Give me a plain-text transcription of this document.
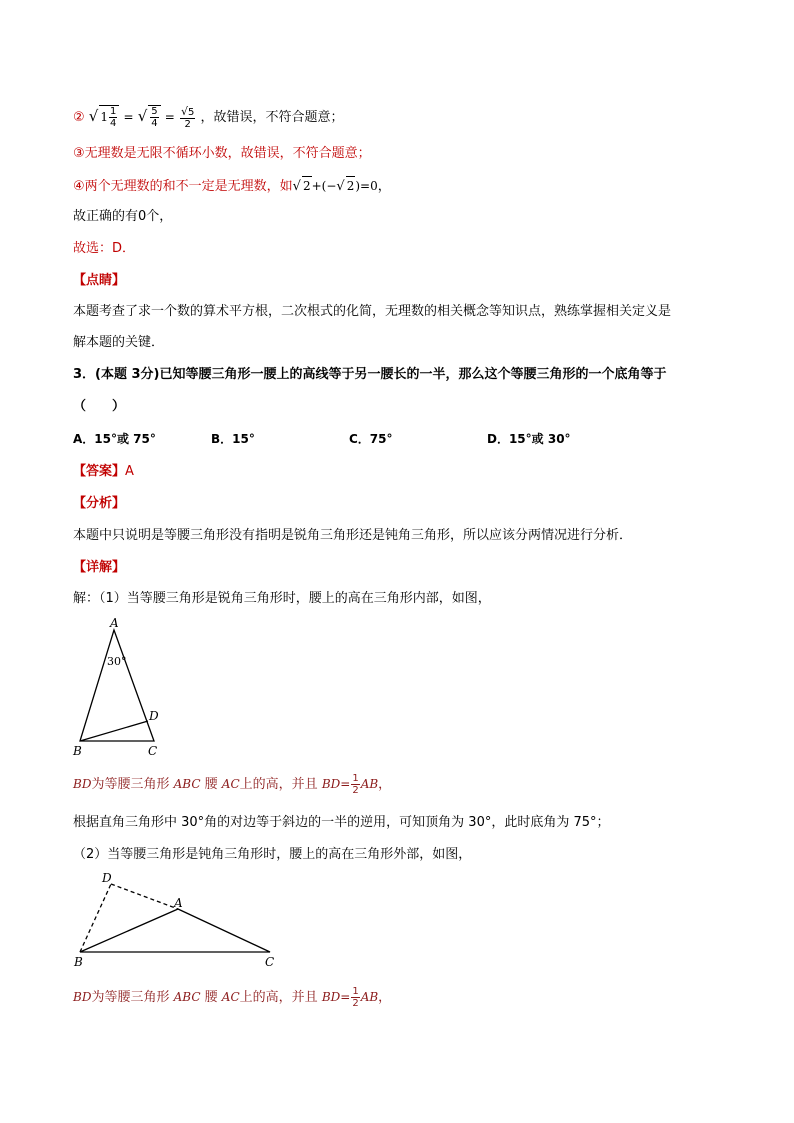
② √ $1 \frac{1}{4}$ = √ $\frac{5}{4} = \frac{√5}{2}$ ，故错误，不符合题意；
③无理数是无限不循环小数，故错误，不符合题意；
④两个无理数的和不一定是无理数，如√ 2+(−√ 2)=0，
故正确的有0个，
故选：D．
【点睛】
本题考查了求一个数的算术平方根，二次根式的化简，无理数的相关概念等知识点，熟练掌握相关定义是
解本题的关键．
3．(本题 3分)已知等腰三角形一腰上的高线等于另一腰长的一半，那么这个等腰三角形的一个底角等于
（　　）
A．15°或 75°	B．15°	C．75°	D．15°或 30°
【答案】A
【分析】
本题中只说明是等腰三角形没有指明是锐角三角形还是钝角三角形，所以应该分两情况进行分析．
【详解】
解：（1）当等腰三角形是锐角三角形时，腰上的高在三角形内部，如图，
A
B	C
D
30°
BD为等腰三角形 ABC 腰 AC上的高，并且 $BD= \frac{1}{2}$ AB，
根据直角三角形中 30°角的对边等于斜边的一半的逆用，可知顶角为 30°，此时底角为 75°；
（2）当等腰三角形是钝角三角形时，腰上的高在三角形外部，如图，
D
A
B	C
BD为等腰三角形 ABC 腰 AC上的高，并且 $BD= \frac{1}{2}$ AB，
